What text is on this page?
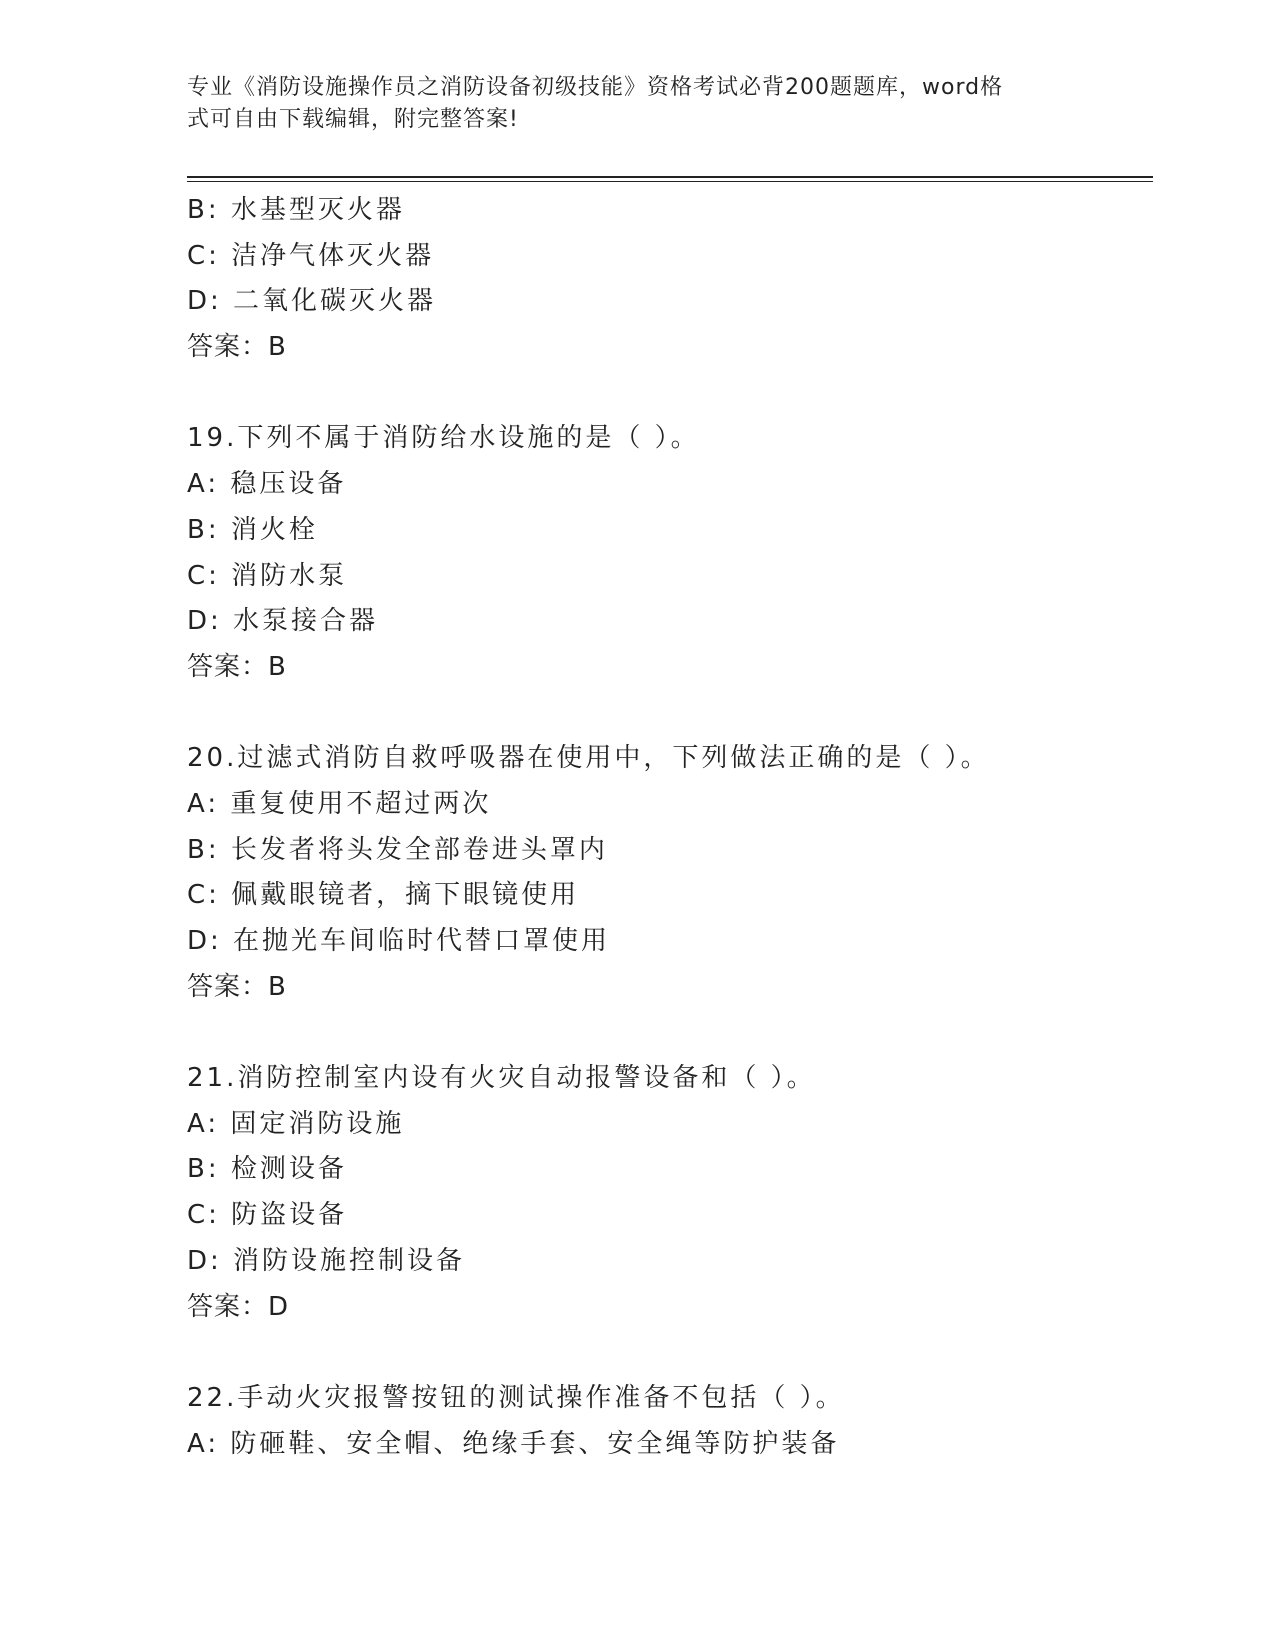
专业《消防设施操作员之消防设备初级技能》资格考试必背200题题库，word格
式可自由下载编辑，附完整答案!
B: 水基型灭火器
C: 洁净气体灭火器
D: 二氧化碳灭火器
答案：B
19.下列不属于消防给水设施的是（ ）。
A: 稳压设备
B: 消火栓
C: 消防水泵
D: 水泵接合器
答案：B
20.过滤式消防自救呼吸器在使用中，下列做法正确的是（ ）。
A: 重复使用不超过两次
B: 长发者将头发全部卷进头罩内
C: 佩戴眼镜者，摘下眼镜使用
D: 在抛光车间临时代替口罩使用
答案：B
21.消防控制室内设有火灾自动报警设备和（ ）。
A: 固定消防设施
B: 检测设备
C: 防盗设备
D: 消防设施控制设备
答案：D
22.手动火灾报警按钮的测试操作准备不包括（ ）。
A: 防砸鞋、安全帽、绝缘手套、安全绳等防护装备
